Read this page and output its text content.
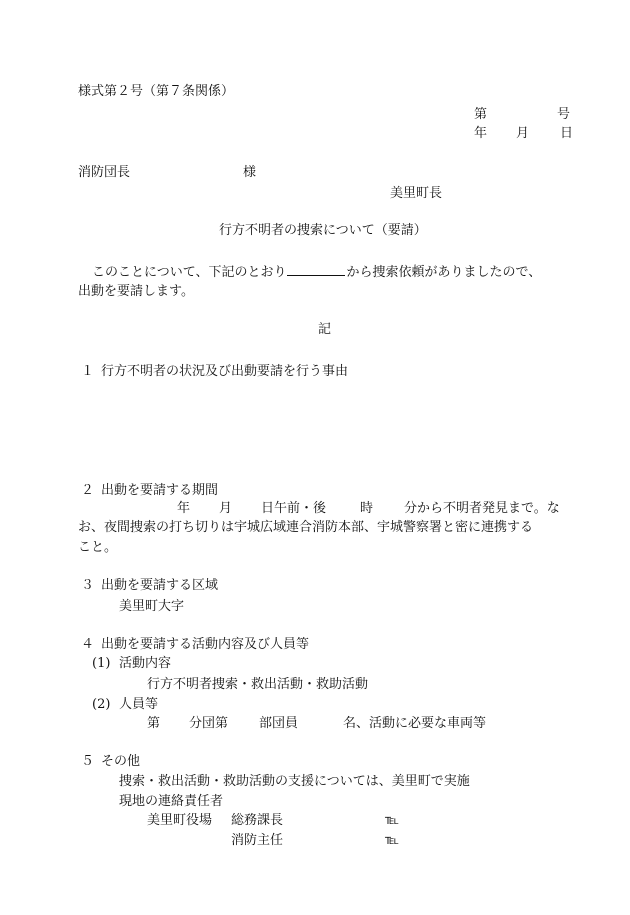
様式第２号（第７条関係）
第	号
年 月 日
消防団長	様
美里町長
行方不明者の捜索について（要請）
このことについて、下記のとおり	から捜索依頼がありましたので、
出動を要請します。
記
１ 行方不明者の状況及び出動要請を行う事由
２ 出動を要請する期間
年 月 日午前・後	時 分から不明者発見まで。な
お、夜間捜索の打ち切りは宇城広域連合消防本部、宇城警察署と密に連携する
こと。
３ 出動を要請する区域
美里町大字
４ 出動を要請する活動内容及び人員等
(1) 活動内容
行方不明者捜索・救出活動・救助活動
(2) 人員等
第 分団第 部団員	名、活動に必要な車両等
５ その他
捜索・救出活動・救助活動の支援については、美里町で実施
現地の連絡責任者
美里町役場 総務課長	℡
消防主任	℡
